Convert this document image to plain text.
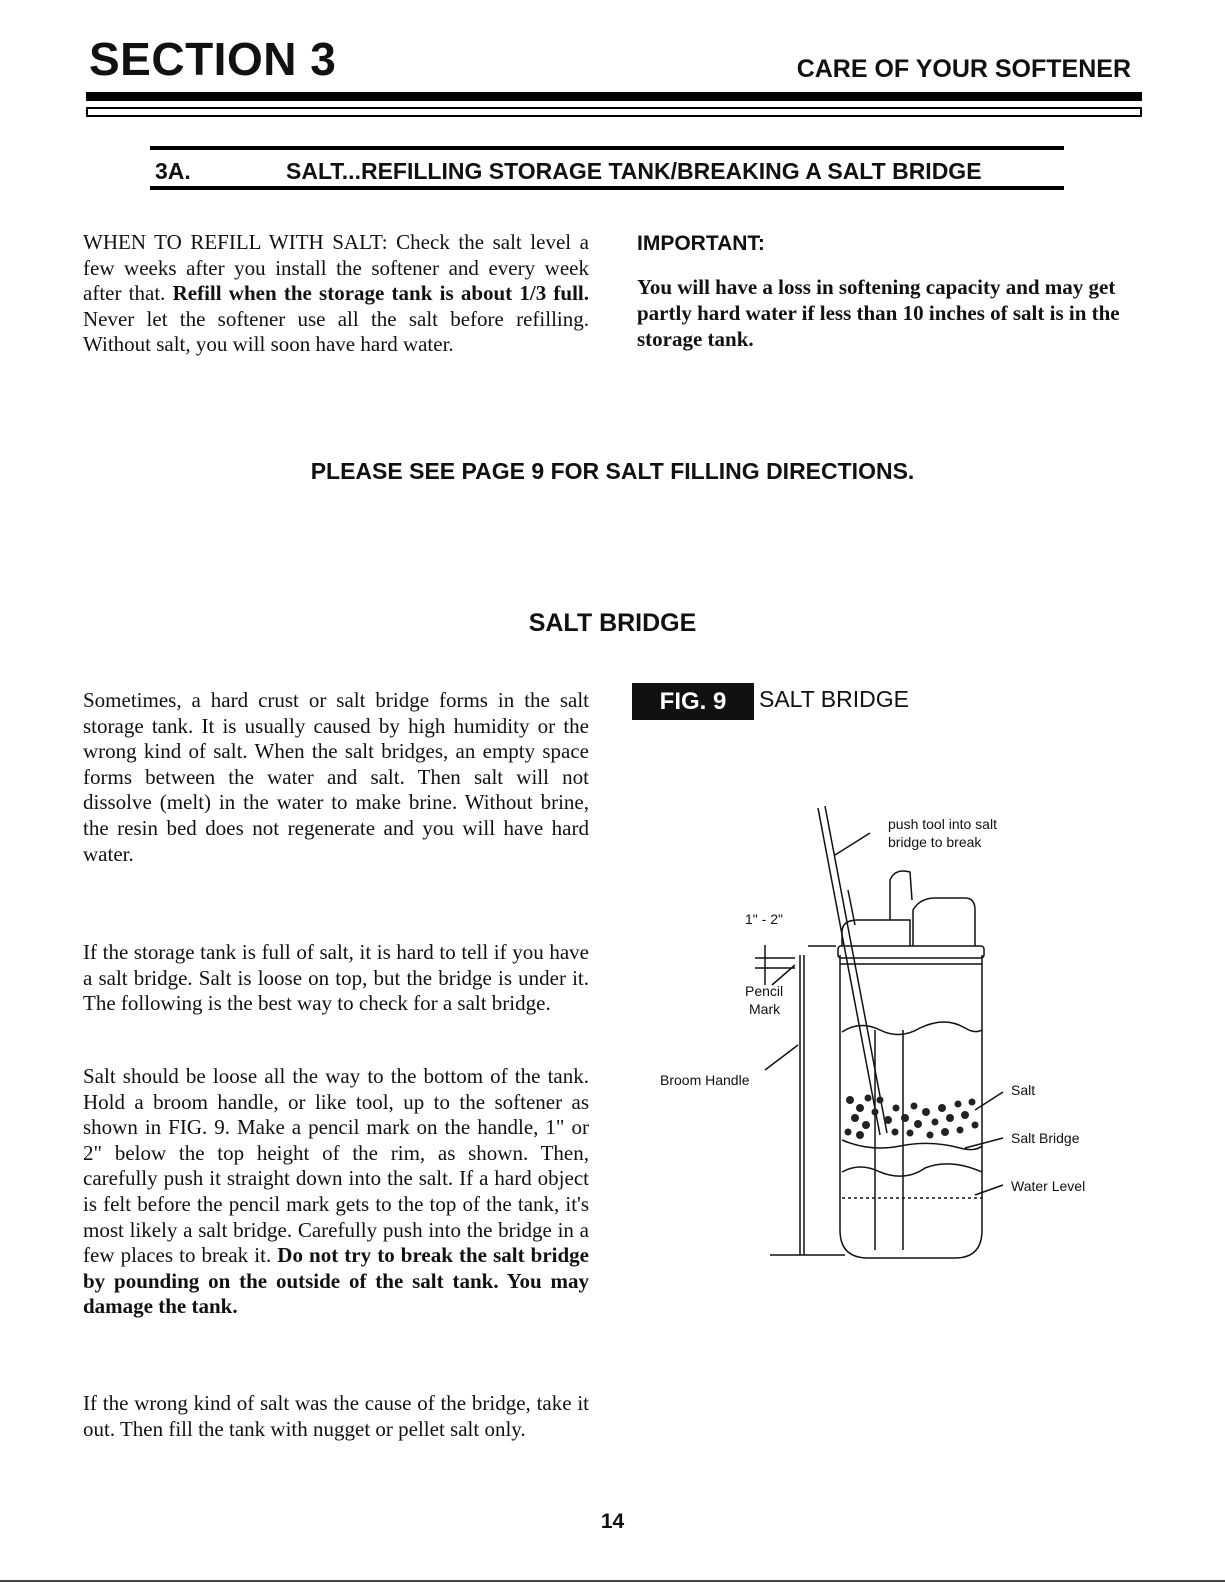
SECTION 3	CARE OF YOUR SOFTENER
3A.	SALT...REFILLING STORAGE TANK/BREAKING A SALT BRIDGE
WHEN TO REFILL WITH SALT: Check the salt level a few weeks after you install the softener and every week after that. Refill when the storage tank is about 1/3 full. Never let the softener use all the salt before refilling. Without salt, you will soon have hard water.
IMPORTANT:
You will have a loss in softening capacity and may get partly hard water if less than 10 inches of salt is in the storage tank.
PLEASE SEE PAGE 9 FOR SALT FILLING DIRECTIONS.
SALT BRIDGE
Sometimes, a hard crust or salt bridge forms in the salt storage tank. It is usually caused by high humidity or the wrong kind of salt. When the salt bridges, an empty space forms between the water and salt. Then salt will not dissolve (melt) in the water to make brine. Without brine, the resin bed does not regenerate and you will have hard water.
If the storage tank is full of salt, it is hard to tell if you have a salt bridge. Salt is loose on top, but the bridge is under it. The following is the best way to check for a salt bridge.
Salt should be loose all the way to the bottom of the tank. Hold a broom handle, or like tool, up to the softener as shown in FIG. 9. Make a pencil mark on the handle, 1" or 2" below the top height of the rim, as shown. Then, carefully push it straight down into the salt. If a hard object is felt before the pencil mark gets to the top of the tank, it's most likely a salt bridge. Carefully push into the bridge in a few places to break it. Do not try to break the salt bridge by pounding on the outside of the salt tank. You may damage the tank.
If the wrong kind of salt was the cause of the bridge, take it out. Then fill the tank with nugget or pellet salt only.
FIG. 9	SALT BRIDGE
push tool into salt
bridge to break
1" - 2"
Pencil
Mark
Broom Handle
Salt
Salt Bridge
Water Level
14
